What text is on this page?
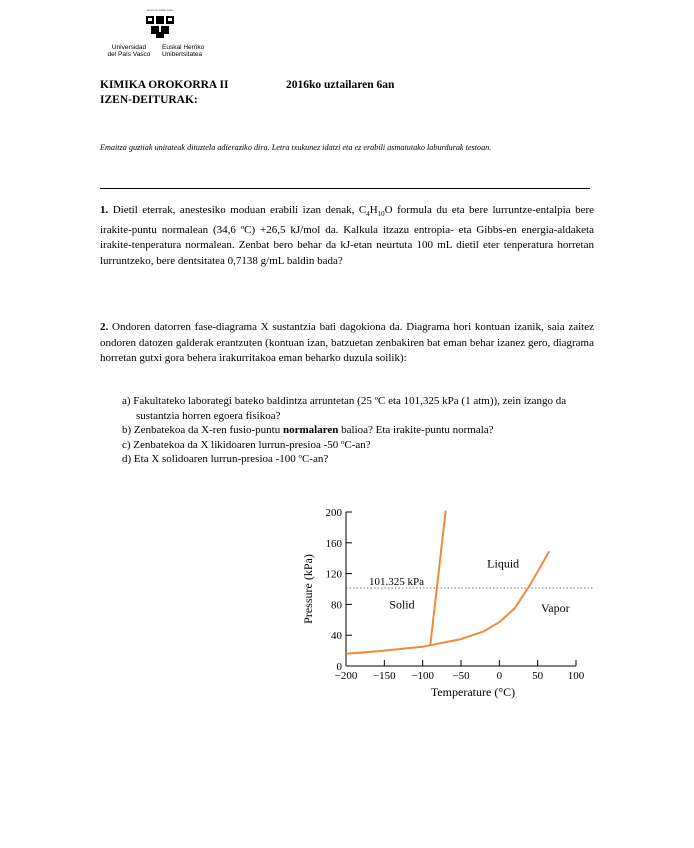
eman ta zabal zazu
Universidad
del País Vasco
Euskal Herriko
Unibertsitatea
KIMIKA OROKORRA II	2016ko uztailaren 6an
IZEN-DEITURAK:
Emaitza guztiak unitateak dituztela adieraziko dira. Letra txukunez idatzi eta ez erabili asmatutako laburdurak testoan.
1. Dietil eterrak, anestesiko moduan erabili izan denak, $C_4H_{10}O$ formula du eta bere lurruntze-entalpia bere irakite-puntu normalean (34,6 ºC) +26,5 kJ/mol da. Kalkula itzazu entropia- eta Gibbs-en energia-aldaketa irakite-tenperatura normalean. Zenbat bero behar da kJ-etan neurtuta 100 mL dietil eter tenperatura horretan lurruntzeko, bere dentsitatea 0,7138 g/mL baldin bada?
2. Ondoren datorren fase-diagrama X sustantzia bati dagokiona da. Diagrama hori kontuan izanik, saia zaitez ondoren datozen galderak erantzuten (kontuan izan, batzuetan zenbakiren bat eman behar izanez gero, diagrama horretan gutxi gora behera irakurritakoa eman beharko duzula soilik):
a) Fakultateko laborategi bateko baldintza arruntetan (25 ºC eta 101,325 kPa (1 atm)), zein izango da sustantzia horren egoera fisikoa?
b) Zenbatekoa da X-ren fusio-puntu normalaren balioa? Eta irakite-puntu normala?
c) Zenbatekoa da X likidoaren lurrun-presioa -50 ºC-an?
d) Eta X solidoaren lurrun-presioa -100 ºC-an?
0
40
80
120
160
200
−200 −150 −100 −50 0	50 100
101.325 kPa
Solid
Liquid
Vapor
Temperature (°C)
Pressure (kPa)
